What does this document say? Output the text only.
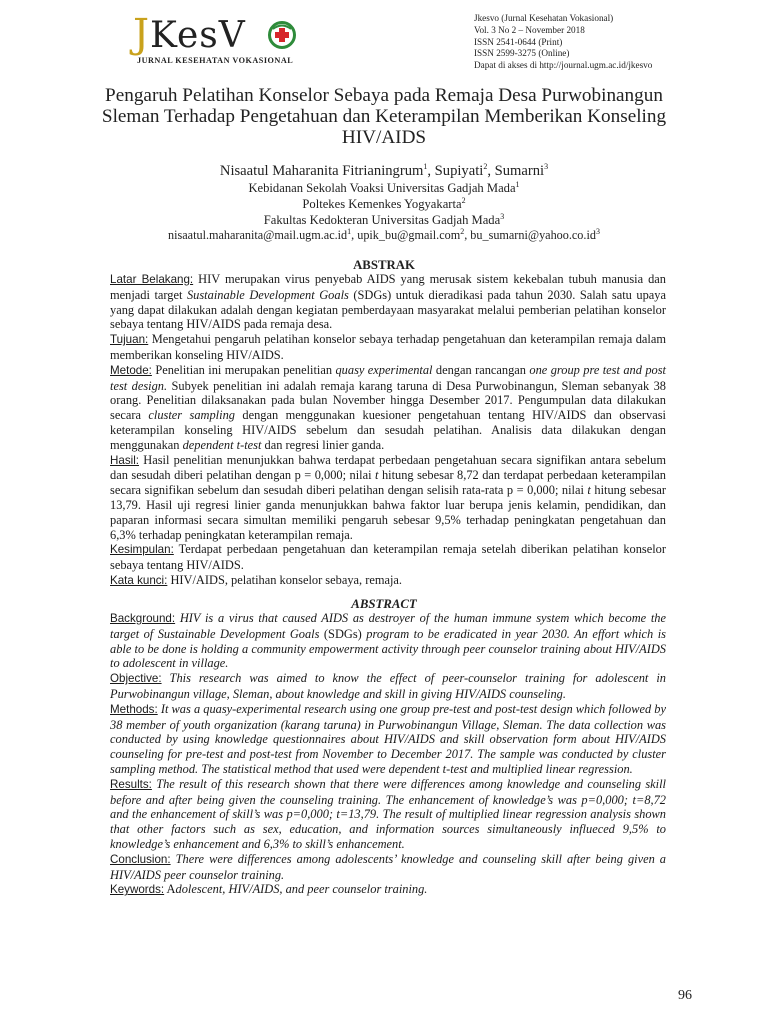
JKesV
JURNAL KESEHATAN VOKASIONAL
Jkesvo (Jurnal Kesehatan Vokasional)
Vol. 3 No 2 – November 2018
ISSN 2541-0644 (Print)
ISSN 2599-3275 (Online)
Dapat di akses di http://journal.ugm.ac.id/jkesvo
Pengaruh Pelatihan Konselor Sebaya pada Remaja Desa Purwobinangun Sleman Terhadap Pengetahuan dan Keterampilan Memberikan Konseling HIV/AIDS
Nisaatul Maharanita Fitrianingrum$^1$, Supiyati$^2$, Sumarni$^3$
Kebidanan Sekolah Voaksi Universitas Gadjah Mada$^1$
Poltekes Kemenkes Yogyakarta$^2$
Fakultas Kedokteran Universitas Gadjah Mada$^3$
$nisaatul.maharanita@mail.ugm.ac.id^1$, upik_bu@gmail.com$^2$, $bu\_sumarni@yahoo.co.id^3$
ABSTRAK

Latar Belakang: HIV merupakan virus penyebab AIDS yang merusak sistem kekebalan tubuh manusia dan menjadi target Sustainable Development Goals (SDGs) untuk dieradikasi pada tahun 2030. Salah satu upaya yang dapat dilakukan adalah dengan kegiatan pemberdayaan masyarakat melalui pemberian pelatihan konselor sebaya tentang HIV/AIDS pada remaja desa.

Tujuan: Mengetahui pengaruh pelatihan konselor sebaya terhadap pengetahuan dan keterampilan remaja dalam memberikan konseling HIV/AIDS.

Metode: Penelitian ini merupakan penelitian quasy experimental dengan rancangan one group pre test and post test design. Subyek penelitian ini adalah remaja karang taruna di Desa Purwobinangun, Sleman sebanyak 38 orang. Penelitian dilaksanakan pada bulan November hingga Desember 2017. Pengumpulan data dilakukan secara cluster sampling dengan menggunakan kuesioner pengetahuan tentang HIV/AIDS dan observasi keterampilan konseling HIV/AIDS sebelum dan sesudah pelatihan. Analisis data dilakukan dengan menggunakan dependent t-test dan regresi linier ganda.

Hasil: Hasil penelitian menunjukkan bahwa terdapat perbedaan pengetahuan secara signifikan antara sebelum dan sesudah diberi pelatihan dengan p = 0,000; nilai t hitung sebesar 8,72 dan terdapat perbedaan keterampilan secara signifikan sebelum dan sesudah diberi pelatihan dengan selisih rata-rata p = 0,000; nilai t hitung sebesar 13,79. Hasil uji regresi linier ganda menunjukkan bahwa faktor luar berupa jenis kelamin, pendidikan, dan paparan informasi secara simultan memiliki pengaruh sebesar 9,5% terhadap peningkatan pengetahuan dan 6,3% terhadap peningkatan keterampilan remaja.

Kesimpulan: Terdapat perbedaan pengetahuan dan keterampilan remaja setelah diberikan pelatihan konselor sebaya tentang HIV/AIDS.

Kata kunci: HIV/AIDS, pelatihan konselor sebaya, remaja.

ABSTRACT

Background: HIV is a virus that caused AIDS as destroyer of the human immune system which become the target of Sustainable Development Goals (SDGs) program to be eradicated in year 2030. An effort which is able to be done is holding a community empowerment activity through peer counselor training about HIV/AIDS to adolescent in village.

Objective: This research was aimed to know the effect of peer-counselor training for adolescent in Purwobinangun village, Sleman, about knowledge and skill in giving HIV/AIDS counseling.

Methods: It was a quasy-experimental research using one group pre-test and post-test design which followed by 38 member of youth organization (karang taruna) in Purwobinangun Village, Sleman. The data collection was conducted by using knowledge questionnaires about HIV/AIDS and skill observation form about HIV/AIDS counseling for pre-test and post-test from November to December 2017. The sample was conducted by cluster sampling method. The statistical method that used were dependent t-test and multiplied linear regression.

Results: The result of this research shown that there were differences among knowledge and counseling skill before and after being given the counseling training. The enhancement of knowledge’s was p=0,000; t=8,72 and the enhancement of skill’s was p=0,000; t=13,79. The result of multiplied linear regression analysis shown that other factors such as sex, education, and information sources simultaneously influeced 9,5% to knowledge’s enhancement and 6,3% to skill’s enhancement.

Conclusion: There were differences among adolescents’ knowledge and counseling skill after being given a HIV/AIDS peer counselor training.

Keywords: Adolescent, HIV/AIDS, and peer counselor training.

96
